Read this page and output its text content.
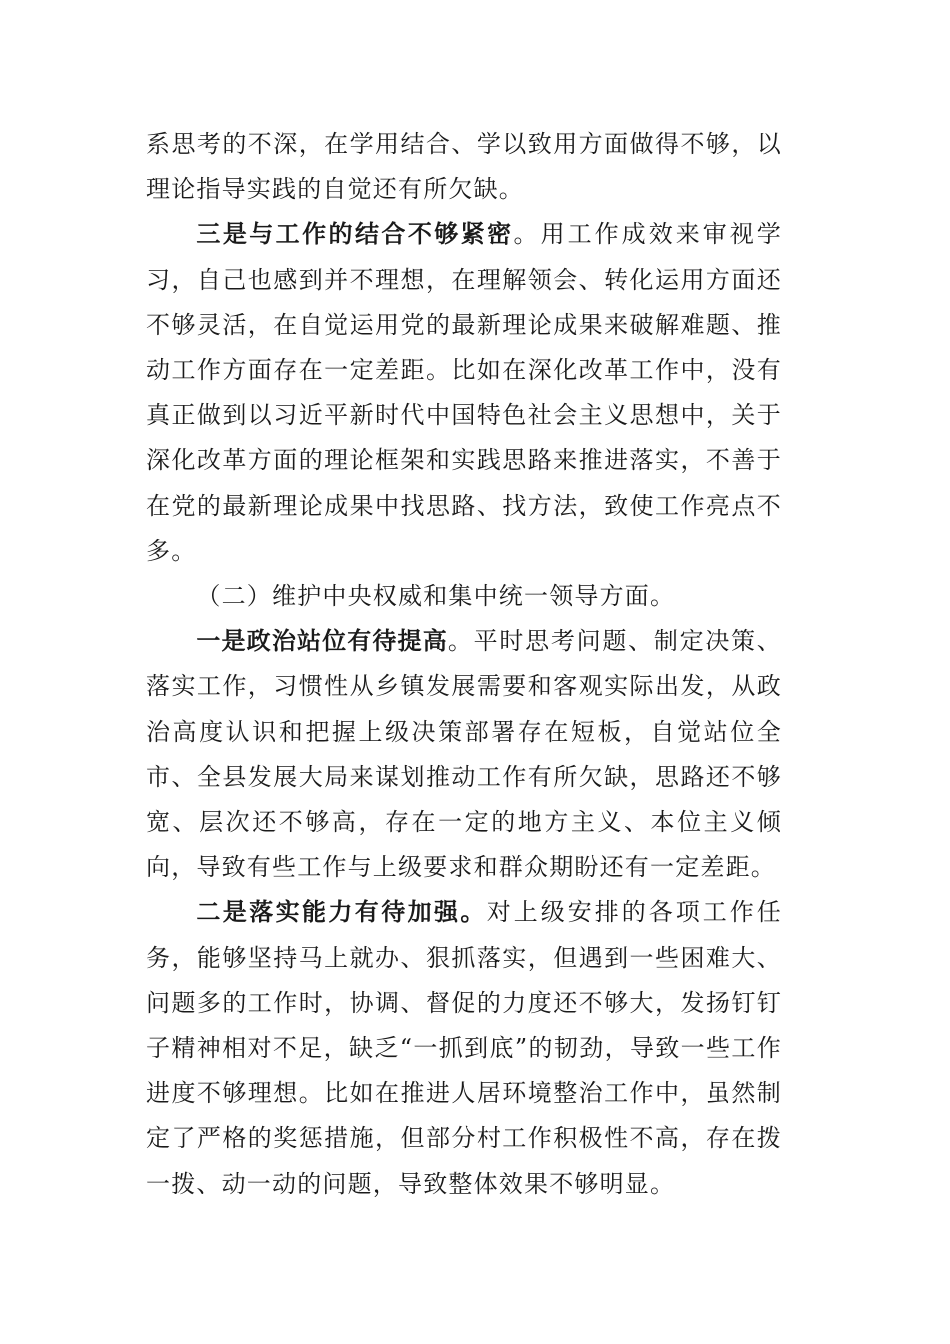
系思考的不深，在学用结合、学以致用方面做得不够，以理论指导实践的自觉还有所欠缺。

三是与工作的结合不够紧密。用工作成效来审视学习，自己也感到并不理想，在理解领会、转化运用方面还不够灵活，在自觉运用党的最新理论成果来破解难题、推动工作方面存在一定差距。比如在深化改革工作中，没有真正做到以习近平新时代中国特色社会主义思想中，关于深化改革方面的理论框架和实践思路来推进落实，不善于在党的最新理论成果中找思路、找方法，致使工作亮点不多。

（二）维护中央权威和集中统一领导方面。

一是政治站位有待提高。平时思考问题、制定决策、落实工作，习惯性从乡镇发展需要和客观实际出发，从政治高度认识和把握上级决策部署存在短板，自觉站位全市、全县发展大局来谋划推动工作有所欠缺，思路还不够宽、层次还不够高，存在一定的地方主义、本位主义倾向，导致有些工作与上级要求和群众期盼还有一定差距。

二是落实能力有待加强。对上级安排的各项工作任务，能够坚持马上就办、狠抓落实，但遇到一些困难大、问题多的工作时，协调、督促的力度还不够大，发扬钉钉子精神相对不足，缺乏“一抓到底”的韧劲，导致一些工作进度不够理想。比如在推进人居环境整治工作中，虽然制定了严格的奖惩措施，但部分村工作积极性不高，存在拨一拨、动一动的问题，导致整体效果不够明显。
